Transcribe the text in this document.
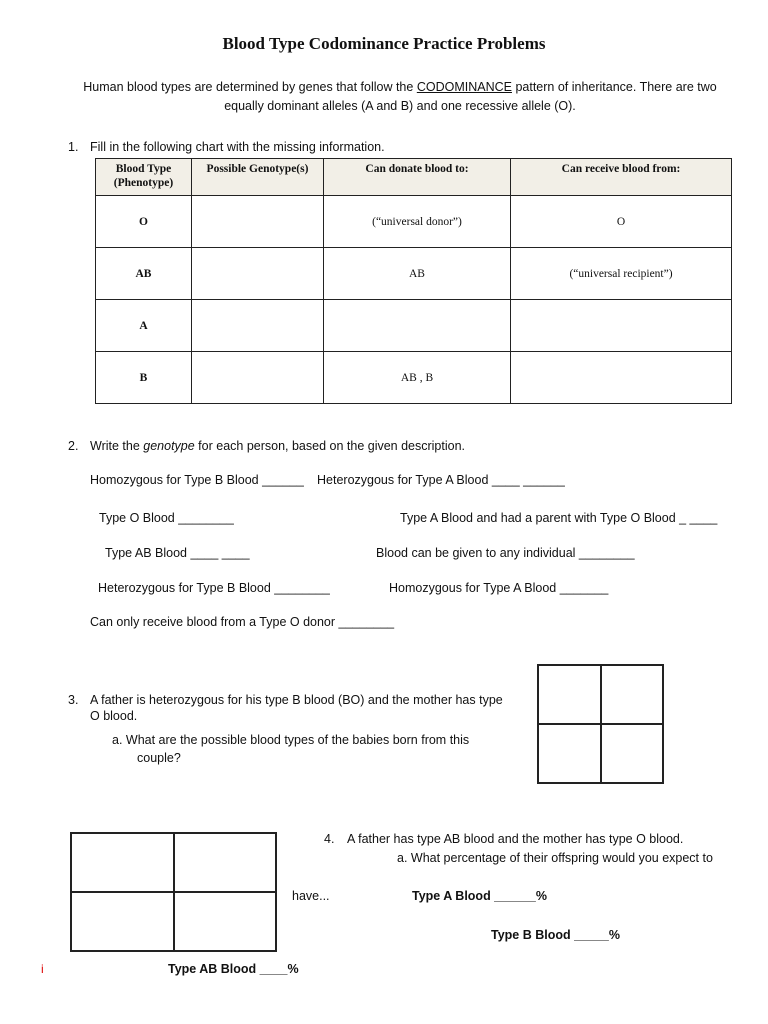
Blood Type Codominance Practice Problems
Human blood types are determined by genes that follow the CODOMINANCE pattern of inheritance. There are two equally dominant alleles (A and B) and one recessive allele (O).
1. Fill in the following chart with the missing information.
Blood Type (Phenotype)	Possible Genotype(s)	Can donate blood to:	Can receive blood from:
O		(“universal donor”)	O
AB		AB	(“universal recipient”)
A			
B		AB , B	
2. Write the genotype for each person, based on the given description.
Homozygous for Type B Blood ______ Heterozygous for Type A Blood ____ ______
Type O Blood ________	Type A Blood and had a parent with Type O Blood _ ____
Type AB Blood ____ ____	Blood can be given to any individual ________
Heterozygous for Type B Blood ________	Homozygous for Type A Blood _______
Can only receive blood from a Type O donor ________
3. A father is heterozygous for his type B blood (BO) and the mother has type
O blood.
a. What are the possible blood types of the babies born from this
couple?
4. A father has type AB blood and the mother has type O blood.
a. What percentage of their offspring would you expect to
have...	Type A Blood ______%
Type B Blood _____%
Type AB Blood ____%
i
